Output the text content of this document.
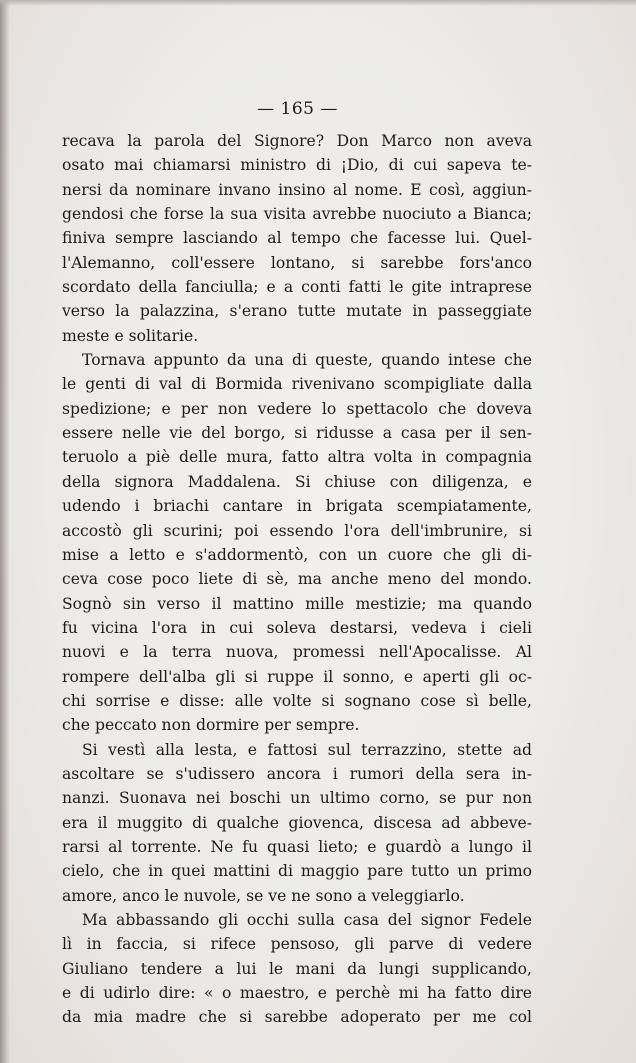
— 165 —
recava la parola del Signore? Don Marco non aveva
osato mai chiamarsi ministro di ¡Dio, di cui sapeva te-
nersi da nominare invano insino al nome. E così, aggiun-
gendosi che forse la sua visita avrebbe nuociuto a Bianca;
finiva sempre lasciando al tempo che facesse lui. Quel-
l'Alemanno, coll'essere lontano, si sarebbe fors'anco
scordato della fanciulla; e a conti fatti le gite intraprese
verso la palazzina, s'erano tutte mutate in passeggiate
meste e solitarie.
Tornava appunto da una di queste, quando intese che
le genti di val di Bormida rivenivano scompigliate dalla
spedizione; e per non vedere lo spettacolo che doveva
essere nelle vie del borgo, si ridusse a casa per il sen-
teruolo a piè delle mura, fatto altra volta in compagnia
della signora Maddalena. Si chiuse con diligenza, e
udendo i briachi cantare in brigata scempiatamente,
accostò gli scurini; poi essendo l'ora dell'imbrunire, si
mise a letto e s'addormentò, con un cuore che gli di-
ceva cose poco liete di sè, ma anche meno del mondo.
Sognò sin verso il mattino mille mestizie; ma quando
fu vicina l'ora in cui soleva destarsi, vedeva i cieli
nuovi e la terra nuova, promessi nell'Apocalisse. Al
rompere dell'alba gli si ruppe il sonno, e aperti gli oc-
chi sorrise e disse: alle volte si sognano cose sì belle,
che peccato non dormire per sempre.
Si vestì alla lesta, e fattosi sul terrazzino, stette ad
ascoltare se s'udissero ancora i rumori della sera in-
nanzi. Suonava nei boschi un ultimo corno, se pur non
era il muggito di qualche giovenca, discesa ad abbeve-
rarsi al torrente. Ne fu quasi lieto; e guardò a lungo il
cielo, che in quei mattini di maggio pare tutto un primo
amore, anco le nuvole, se ve ne sono a veleggiarlo.
Ma abbassando gli occhi sulla casa del signor Fedele
lì in faccia, si rifece pensoso, gli parve di vedere
Giuliano tendere a lui le mani da lungi supplicando,
e di udirlo dire: « o maestro, e perchè mi ha fatto dire
da mia madre che si sarebbe adoperato per me col
